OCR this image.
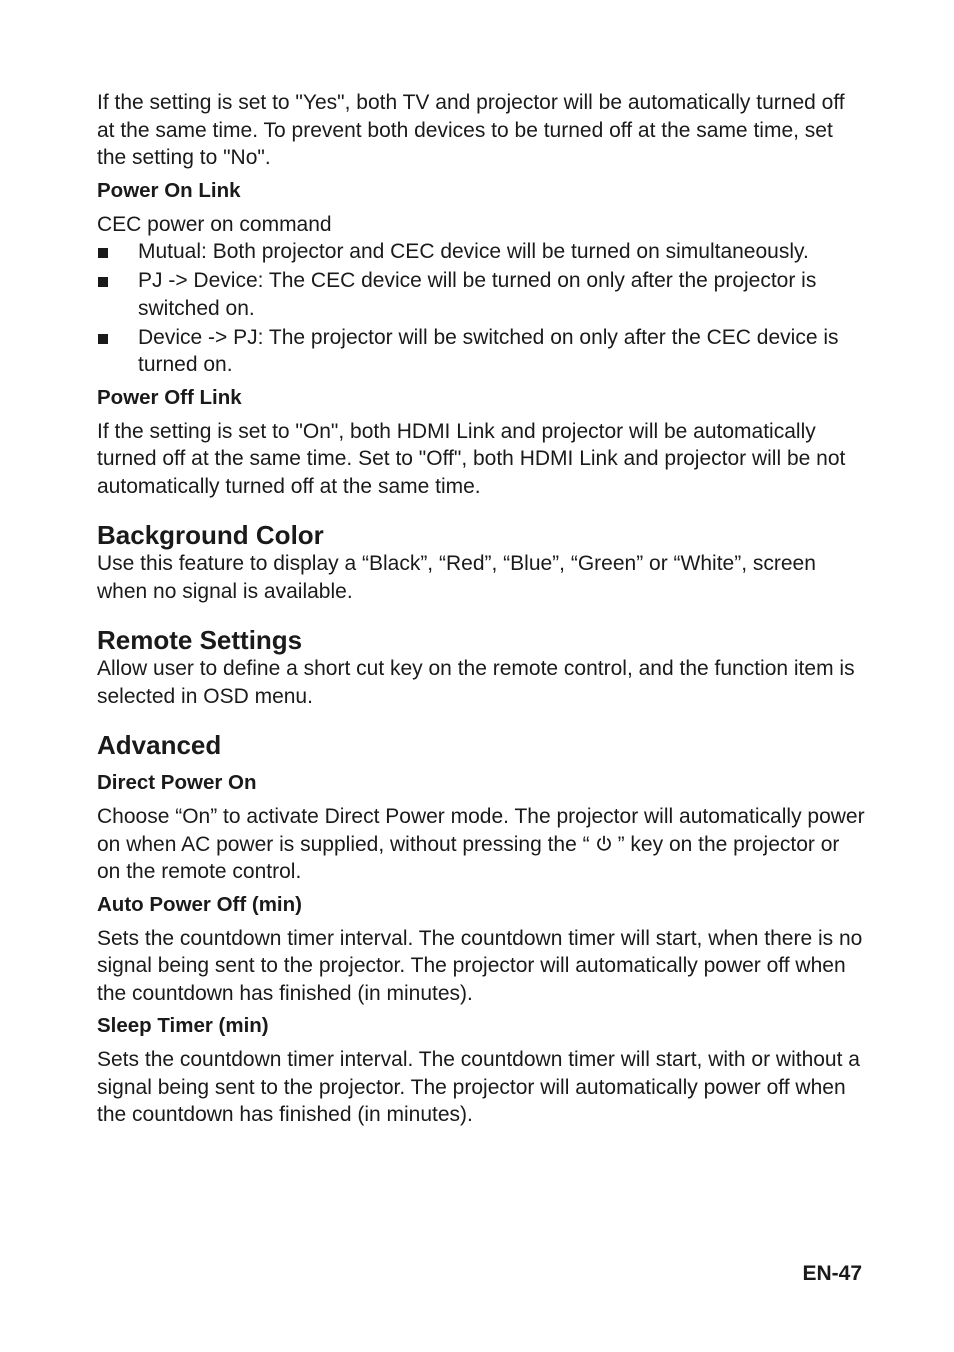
If the setting is set to "Yes", both TV and projector will be automatically turned off at the same time. To prevent both devices to be turned off at the same time, set the setting to "No".

Power On Link

CEC power on command

Mutual: Both projector and CEC device will be turned on simultaneously.
PJ -> Device: The CEC device will be turned on only after the projector is switched on.
Device -> PJ: The projector will be switched on only after the CEC device is turned on.
Power Off Link

If the setting is set to "On", both HDMI Link and projector will be automatically turned off at the same time. Set to "Off", both HDMI Link and projector will be not automatically turned off at the same time.

Background Color

Use this feature to display a “Black”, “Red”, “Blue”, “Green” or “White”, screen when no signal is available.

Remote Settings

Allow user to define a short cut key on the remote control, and the function item is selected in OSD menu.

Advanced
Direct Power On

Choose “On” to activate Direct Power mode. The projector will automatically power on when AC power is supplied, without pressing the “ ” key on the projector or on the remote control.

Auto Power Off (min)

Sets the countdown timer interval. The countdown timer will start, when there is no signal being sent to the projector. The projector will automatically power off when the countdown has finished (in minutes).

Sleep Timer (min)

Sets the countdown timer interval. The countdown timer will start, with or without a signal being sent to the projector. The projector will automatically power off when the countdown has finished (in minutes).

EN-47
